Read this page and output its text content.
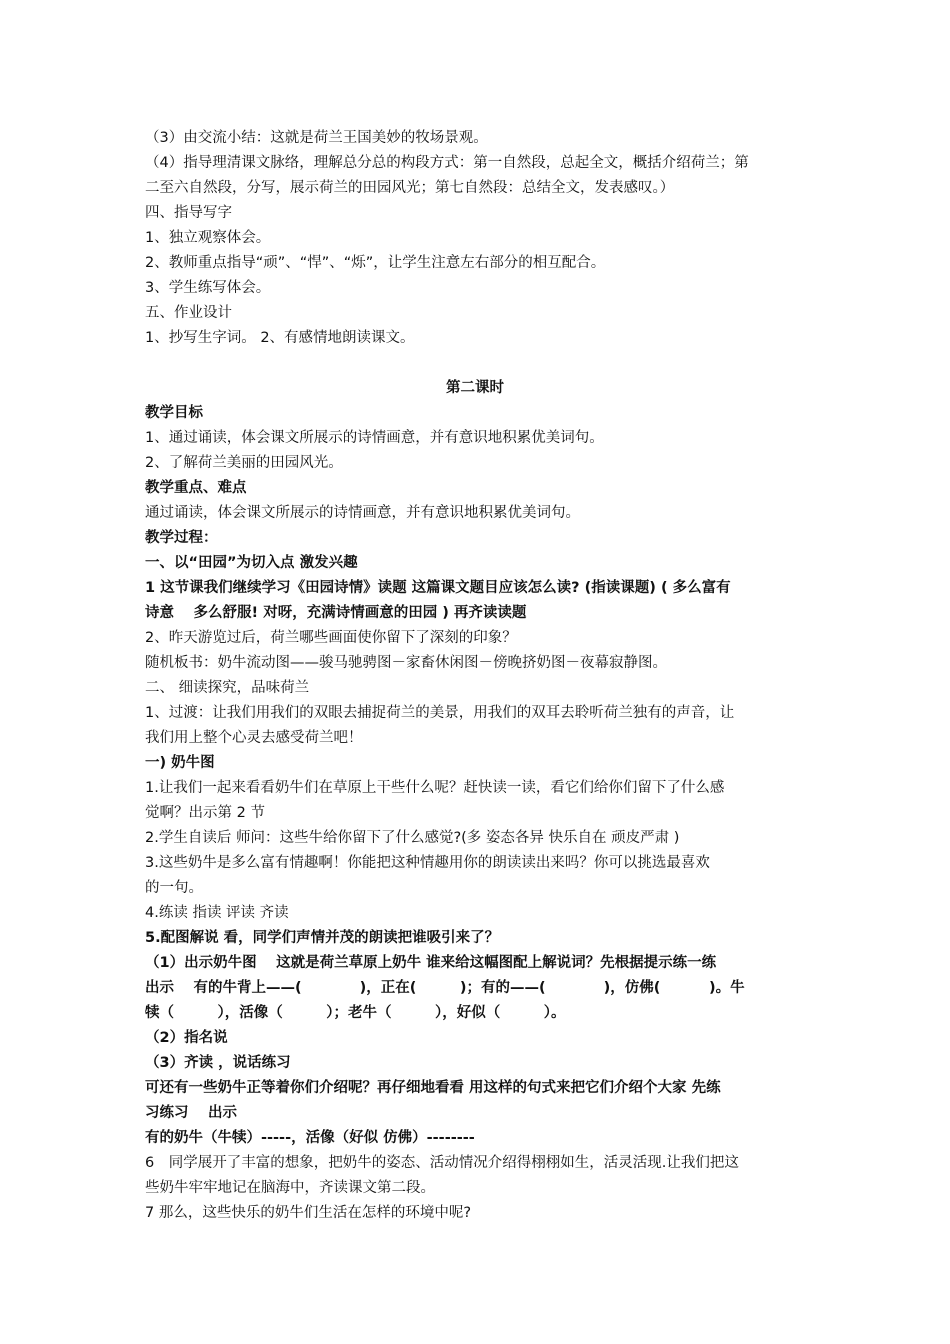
（3）由交流小结：这就是荷兰王国美妙的牧场景观。

（4）指导理清课文脉络，理解总分总的构段方式：第一自然段，总起全文，概括介绍荷兰；第

二至六自然段，分写，展示荷兰的田园风光；第七自然段：总结全文，发表感叹。）

四、指导写字

1、独立观察体会。

2、教师重点指导“顽”、“悍”、“烁”，让学生注意左右部分的相互配合。

3、学生练写体会。

五、作业设计

1、抄写生字词。 2、有感情地朗读课文。

第二课时

教学目标

1、通过诵读，体会课文所展示的诗情画意，并有意识地积累优美词句。

2、了解荷兰美丽的田园风光。

教学重点、难点

通过诵读，体会课文所展示的诗情画意，并有意识地积累优美词句。

教学过程：

一、以“田园”为切入点 激发兴趣

1 这节课我们继续学习《田园诗情》读题 这篇课文题目应该怎么读? (指读课题) ( 多么富有

诗意　 多么舒服! 对呀，充满诗情画意的田园 ) 再齐读读题

2、昨天游览过后，荷兰哪些画面使你留下了深刻的印象？

随机板书：奶牛流动图——骏马驰骋图－家畜休闲图－傍晚挤奶图－夜幕寂静图。

二、 细读探究，品味荷兰

1、过渡：让我们用我们的双眼去捕捉荷兰的美景，用我们的双耳去聆听荷兰独有的声音，让

我们用上整个心灵去感受荷兰吧！

一) 奶牛图

1.让我们一起来看看奶牛们在草原上干些什么呢？赶快读一读，看它们给你们留下了什么感

觉啊？出示第 2 节

2.学生自读后 师问：这些牛给你留下了什么感觉?(多 姿态各异 快乐自在 顽皮严肃 )

3.这些奶牛是多么富有情趣啊！你能把这种情趣用你的朗读读出来吗？你可以挑选最喜欢

的一句。

4.练读 指读 评读 齐读

5.配图解说 看，同学们声情并茂的朗读把谁吸引来了？

（1）出示奶牛图　 这就是荷兰草原上奶牛 谁来给这幅图配上解说词？先根据提示练一练

出示　 有的牛背上——(　　　　)，正在(　　　)；有的——(　　　　)，仿佛(　　　 )。牛

犊（　　　），活像（　　　）；老牛（　　　），好似（　　　）。

（2）指名说

（3）齐读 ，说话练习

可还有一些奶牛正等着你们介绍呢？再仔细地看看 用这样的句式来把它们介绍个大家 先练

习练习　 出示

有的奶牛（牛犊）-----，活像（好似 仿佛）--------

6　同学展开了丰富的想象，把奶牛的姿态、活动情况介绍得栩栩如生，活灵活现.让我们把这

些奶牛牢牢地记在脑海中，齐读课文第二段。

7 那么，这些快乐的奶牛们生活在怎样的环境中呢?
